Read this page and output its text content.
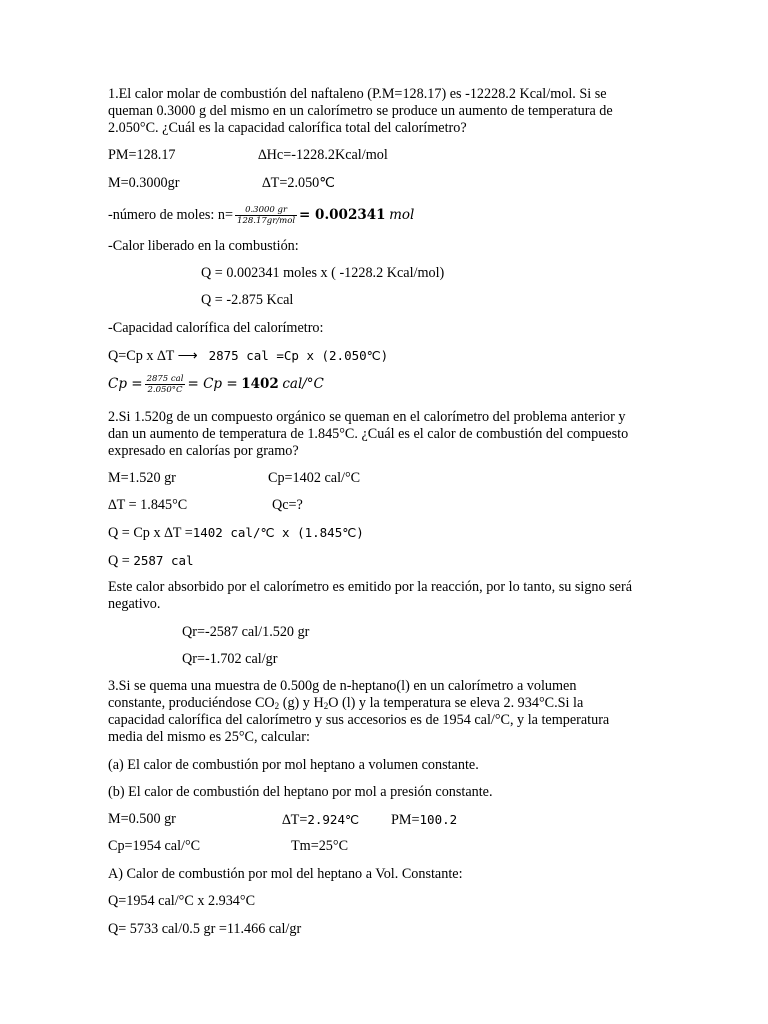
1.El calor molar de combustión del naftaleno (P.M=128.17) es -12228.2 Kcal/mol. Si se
queman 0.3000 g del mismo en un calorímetro se produce un aumento de temperatura de
2.050°C. ¿Cuál es la capacidad calorífica total del calorímetro?
PM=128.17	∆Hc=-1228.2Kcal/mol
M=0.3000gr	∆T=2.050℃
-número de moles: $n= \frac{0.3000 gr}{\text{128.17gr/mol}} = 0.002341$ mol
-Calor liberado en la combustión:
Q = 0.002341 moles x ( -1228.2 Kcal/mol)
Q = -2.875 Kcal
-Capacidad calorífica del calorímetro:
Q=Cp x ∆T ⟶ 2875 cal =Cp x (2.050℃)
$Cp = \frac{\text{2875 cal}}{2.050^\circ C} = Cp = 1402$ cal/°C
2.Si 1.520g de un compuesto orgánico se queman en el calorímetro del problema anterior y
dan un aumento de temperatura de 1.845°C. ¿Cuál es el calor de combustión del compuesto
expresado en calorías por gramo?
M=1.520 gr	Cp=1402 cal/°C
∆T = 1.845°C	Qc=?
Q = Cp x ∆T =1402 cal/℃ x (1.845℃)
Q = 2587 cal
Este calor absorbido por el calorímetro es emitido por la reacción, por lo tanto, su signo será
negativo.
Qr=-2587 cal/1.520 gr
Qr=-1.702 cal/gr
3.Si se quema una muestra de 0.500g de n-heptano(l) en un calorímetro a volumen
constante, produciéndose $CO_2$ (g) y $H_2O$ (l) y la temperatura se eleva 2. 934°C.Si la
capacidad calorífica del calorímetro y sus accesorios es de 1954 cal/°C, y la temperatura
media del mismo es 25°C, calcular:
(a) El calor de combustión por mol heptano a volumen constante.
(b) El calor de combustión del heptano por mol a presión constante.
M=0.500 gr	∆T=2.924℃ PM=100.2
Cp=1954 cal/°C	Tm=25°C
A) Calor de combustión por mol del heptano a Vol. Constante:
Q=1954 cal/°C x 2.934°C
Q= 5733 cal/0.5 gr =11.466 cal/gr
